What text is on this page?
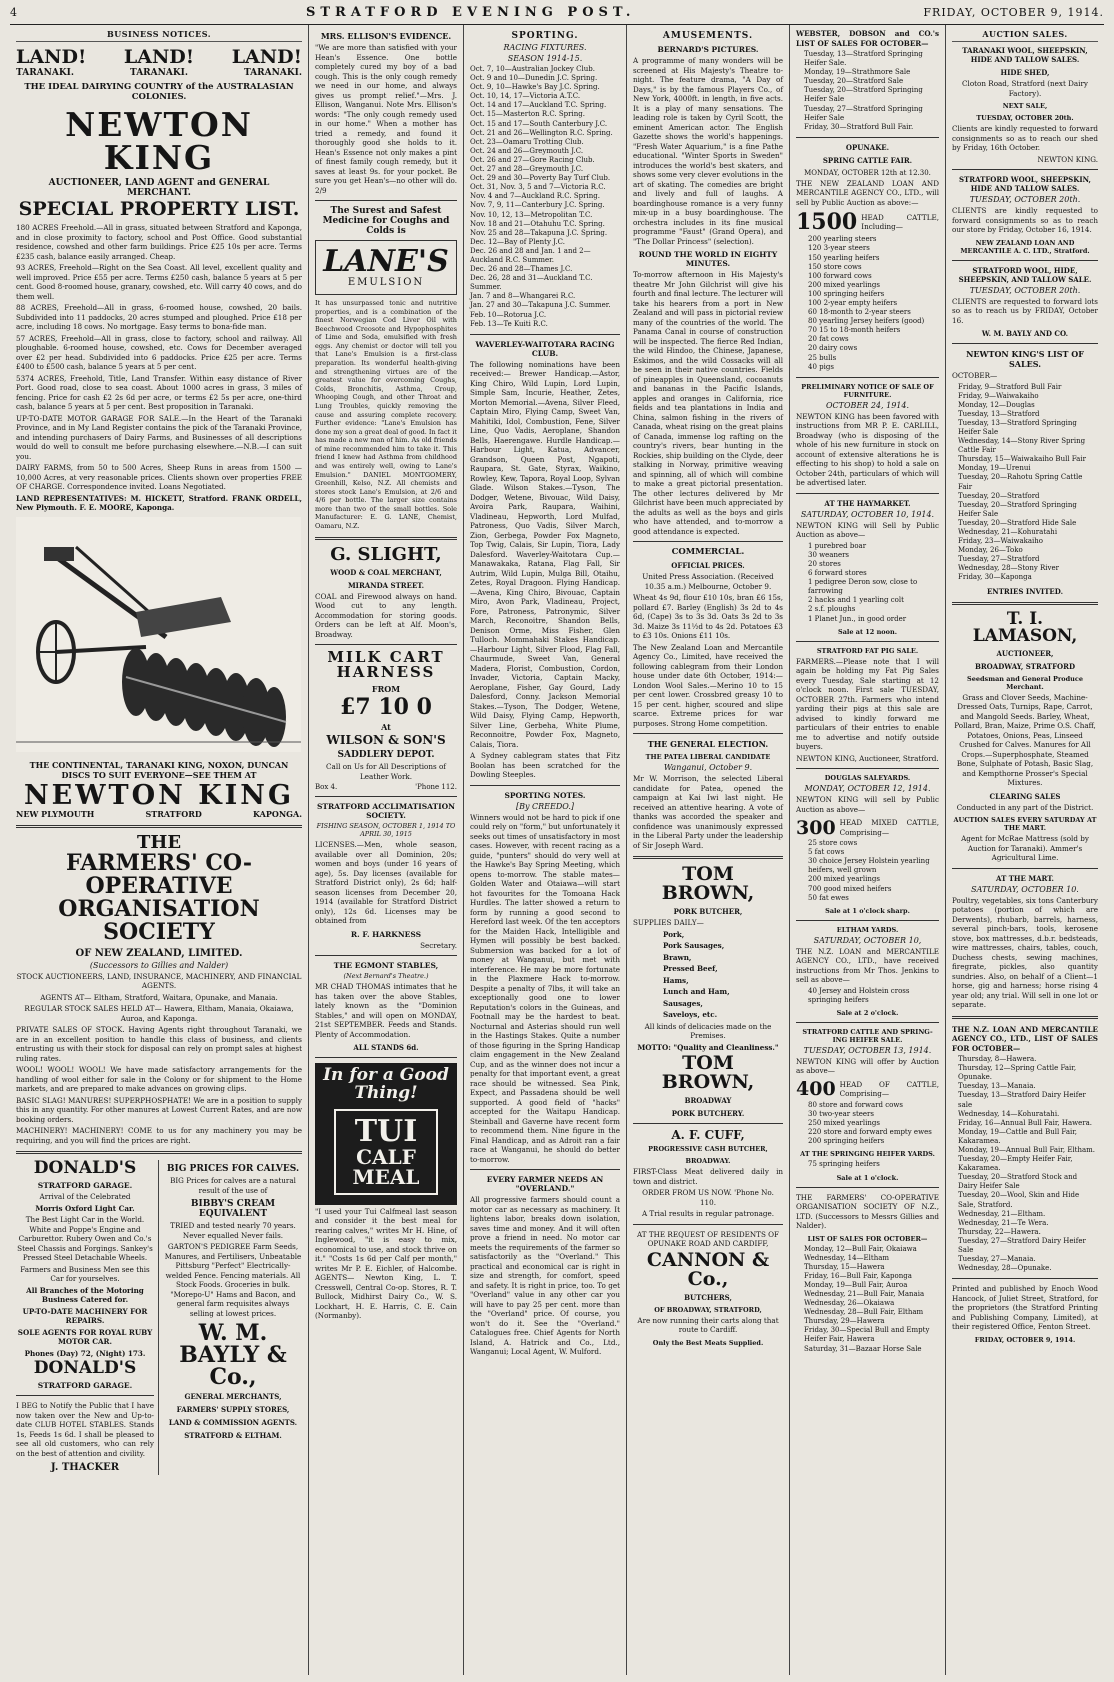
4	STRATFORD EVENING POST.	FRIDAY, OCTOBER 9, 1914.
BUSINESS NOTICES.
LAND! LAND! LAND!
TARANAKI.	TARANAKI.	TARANAKI.
THE IDEAL DAIRYING COUNTRY of the AUSTRALASIAN COLONIES.
NEWTON KING
AUCTIONEER, LAND AGENT and GENERAL MERCHANT.
SPECIAL PROPERTY LIST.

180 ACRES Freehold.—All in grass, situated between Stratford and Kaponga, and in close proximity to factory, school and Post Office. Good substantial residence, cowshed and other farm buildings. Price £25 10s per acre. Terms £235 cash, balance easily arranged. Cheap.

93 ACRES, Freehold—Right on the Sea Coast. All level, excellent quality and well improved. Price £55 per acre. Terms £250 cash, balance 5 years at 5 per cent. Good 8-roomed house, granary, cowshed, etc. Will carry 40 cows, and do them well.

88 ACRES, Freehold—All in grass, 6-roomed house, cowshed, 20 bails. Subdivided into 11 paddocks, 20 acres stumped and ploughed. Price £18 per acre, including 18 cows. No mortgage. Easy terms to bona-fide man.

57 ACRES, Freehold—All in grass, close to factory, school and railway. All ploughable. 6-roomed house, cowshed, etc. Cows for December averaged over £2 per head. Subdivided into 6 paddocks. Price £25 per acre. Terms £400 to £500 cash, balance 5 years at 5 per cent.

5374 ACRES, Freehold, Title, Land Transfer. Within easy distance of River Port. Good road, close to sea coast. About 1000 acres in grass, 3 miles of fencing. Price for cash £2 2s 6d per acre, or terms £2 5s per acre, one-third cash, balance 5 years at 5 per cent. Best proposition in Taranaki.

UP-TO-DATE MOTOR GARAGE FOR SALE.—In the Heart of the Taranaki Province, and in My Land Register contains the pick of the Taranaki Province, and intending purchasers of Dairy Farms, and Businesses of all descriptions would do well to consult me before purchasing elsewhere.—N.B.—I can suit you.

DAIRY FARMS, from 50 to 500 Acres, Sheep Runs in areas from 1500 —10,000 Acres, at very reasonable prices. Clients shown over properties FREE OF CHARGE. Correspondence invited. Loans Negotiated.

LAND REPRESENTATIVES: M. HICKETT, Stratford. FRANK ORDELL, New Plymouth. F. E. MOORE, Kaponga.

THE CONTINENTAL, TARANAKI KING, NOXON, DUNCAN DISCS TO SUIT EVERYONE—SEE THEM AT
NEWTON KING
NEW PLYMOUTH	STRATFORD	KAPONGA.
THE
FARMERS' CO-OPERATIVE ORGANISATION SOCIETY
OF NEW ZEALAND, LIMITED.
(Successors to Gillies and Nalder)

STOCK AUCTIONEERS, LAND, INSURANCE, MACHINERY, AND FINANCIAL AGENTS.

AGENTS AT— Eltham, Stratford, Waitara, Opunake, and Manaia.

REGULAR STOCK SALES HELD AT— Hawera, Eltham, Manaia, Okaiawa, Auroa, and Kaponga.

PRIVATE SALES OF STOCK. Having Agents right throughout Taranaki, we are in an excellent position to handle this class of business, and clients entrusting us with their stock for disposal can rely on prompt sales at highest ruling rates.

WOOL! WOOL! WOOL! We have made satisfactory arrangements for the handling of wool either for sale in the Colony or for shipment to the Home markets, and are prepared to make advances on growing clips.

BASIC SLAG! MANURES! SUPERPHOSPHATE! We are in a position to supply this in any quantity. For other manures at Lowest Current Rates, and are now booking orders.

MACHINERY! MACHINERY! COME to us for any machinery you may be requiring, and you will find the prices are right.

DONALD'S
STRATFORD GARAGE.

Arrival of the Celebrated

Morris Oxford Light Car.

The Best Light Car in the World. White and Poppe's Engine and Carburettor. Rubery Owen and Co.'s Steel Chassis and Forgings. Sankey's Pressed Steel Detachable Wheels.

Farmers and Business Men see this Car for yourselves.

All Branches of the Motoring Business Catered for.

UP-TO-DATE MACHINERY FOR REPAIRS.

SOLE AGENTS FOR ROYAL RUBY MOTOR CAR.

Phones (Day) 72, (Night) 173.

DONALD'S
STRATFORD GARAGE.

I BEG to Notify the Public that I have now taken over the New and Up-to-date CLUB HOTEL STABLES. Stands 1s, Feeds 1s 6d. I shall be pleased to see all old customers, who can rely on the best of attention and civility.

J. THACKER
BIG PRICES FOR CALVES.

BIG Prices for calves are a natural result of the use of

BIBBY'S CREAM EQUIVALENT

TRIED and tested nearly 70 years. Never equalled Never fails.

GARTON'S PEDIGREE Farm Seeds, Manures, and Fertilisers, Unbeatable Pittsburg "Perfect" Electrically-welded Fence. Fencing materials. All Stock Foods. Groceries in bulk. "Morepo-U" Hams and Bacon, and general farm requisites always selling at lowest prices.

W. M. BAYLY & Co.,
GENERAL MERCHANTS,
FARMERS' SUPPLY STORES,
LAND & COMMISSION AGENTS.
STRATFORD & ELTHAM.
MRS. ELLISON'S EVIDENCE.

"We are more than satisfied with your Hean's Essence. One bottle completely cured my boy of a bad cough. This is the only cough remedy we need in our home, and always gives us prompt relief."—Mrs. J. Ellison, Wanganui. Note Mrs. Ellison's words: "The only cough remedy used in our home." When a mother has tried a remedy, and found it thoroughly good she holds to it. Hean's Essence not only makes a pint of finest family cough remedy, but it saves at least 9s. for your pocket. Be sure you get Hean's—no other will do. 2/9

The Surest and Safest Medicine for Coughs and Colds is
LANE'S
EMULSION

It has unsurpassed tonic and nutritive properties, and is a combination of the finest Norwegian Cod Liver Oil with Beechwood Creosote and Hypophosphites of Lime and Soda, emulsified with fresh eggs. Any chemist or doctor will tell you that Lane's Emulsion is a first-class preparation. Its wonderful health-giving and strengthening virtues are of the greatest value for overcoming Coughs, Colds, Bronchitis, Asthma, Croup, Whooping Cough, and other Throat and Lung Troubles, quickly removing the cause and assuring complete recovery. Further evidence: "Lane's Emulsion has done my son a great deal of good. In fact it has made a new man of him. As old friends of mine recommended him to take it. This friend I knew had Asthma from childhood and was entirely well, owing to Lane's Emulsion." DANIEL MONTGOMERY, Greenhill, Kelso, N.Z. All chemists and stores stock Lane's Emulsion, at 2/6 and 4/6 per bottle. The larger size contains more than two of the small bottles. Sole Manufacturer: E. G. LANE, Chemist, Oamaru, N.Z.

G. SLIGHT,
WOOD & COAL MERCHANT,
MIRANDA STREET.

COAL and Firewood always on hand. Wood cut to any length. Accommodation for storing goods. Orders can be left at Alf. Moon's, Broadway.

MILK CART
HARNESS
FROM
£7 10 0
At
WILSON & SON'S
SADDLERY DEPOT.

Call on Us for All Descriptions of Leather Work.

Box 4.	'Phone 112.
STRATFORD ACCLIMATISATION SOCIETY.
FISHING SEASON, OCTOBER 1, 1914 TO APRIL 30, 1915

LICENSES.—Men, whole season, available over all Dominion, 20s; women and boys (under 16 years of age), 5s. Day licenses (available for Stratford District only), 2s 6d; half-season licenses from December 20, 1914 (available for Stratford District only), 12s 6d. Licenses may be obtained from

R. F. HARKNESS
Secretary.
THE EGMONT STABLES,
(Next Bernard's Theatre.)

MR CHAD THOMAS intimates that he has taken over the above Stables, lately known as the "Dominion Stables," and will open on MONDAY, 21st SEPTEMBER. Feeds and Stands. Plenty of Accommodation.

ALL STANDS 6d.
In for a Good Thing!
TUI
CALF
MEAL

"I used your Tui Calfmeal last season and consider it the best meal for rearing calves," writes Mr H. Hine, of Inglewood, "it is easy to mix, economical to use, and stock thrive on it." "Costs 1s 6d per Calf per month," writes Mr P. E. Eichler, of Halcombe. AGENTS— Newton King, L. T. Cresswell, Central Co-op. Stores, R. T. Bullock, Midhirst Dairy Co., W. S. Lockhart, H. E. Harris, C. E. Cain (Normanby).

SPORTING.
RACING FIXTURES.
SEASON 1914-15.
Oct. 7, 10—Australian Jockey Club.
Oct. 9 and 10—Dunedin J.C. Spring.
Oct. 9, 10—Hawke's Bay J.C. Spring.
Oct. 10, 14, 17—Victoria A.T.C.
Oct. 14 and 17—Auckland T.C. Spring.
Oct. 15—Masterton R.C. Spring.
Oct. 15 and 17—South Canterbury J.C.
Oct. 21 and 26—Wellington R.C. Spring.
Oct. 23—Oamaru Trotting Club.
Oct. 24 and 26—Greymouth J.C.
Oct. 26 and 27—Gore Racing Club.
Oct. 27 and 28—Greymouth J.C.
Oct. 29 and 30—Poverty Bay Turf Club.
Oct. 31, Nov. 3, 5 and 7—Victoria R.C.
Nov. 4 and 7—Auckland R.C. Spring.
Nov. 7, 9, 11—Canterbury J.C. Spring.
Nov. 10, 12, 13—Metropolitan T.C.
Nov. 18 and 21—Otahuhu T.C. Spring.
Nov. 25 and 28—Takapuna J.C. Spring.
Dec. 12—Bay of Plenty J.C.
Dec. 26 and 28 and Jan. 1 and 2—Auckland R.C. Summer.
Dec. 26 and 28—Thames J.C.
Dec. 26, 28 and 31—Auckland T.C. Summer.
Jan. 7 and 8—Whangarei R.C.
Jan. 27 and 30—Takapuna J.C. Summer.
Feb. 10—Rotorua J.C.
Feb. 13—Te Kuiti R.C.
WAVERLEY-WAITOTARA RACING CLUB.

The following nominations have been received:— Brewer Handicap.—Astor, King Chiro, Wild Lupin, Lord Lupin, Simple Sam, Incurie, Heather, Zetes, Morton Memorial.—Avena, Silver Fleed, Captain Miro, Flying Camp, Sweet Van, Mahitiki, Idol, Combustion, Fene, Silver Line, Quo Vadis, Aeroplane, Shandon Bells, Haerengawe. Hurdle Handicap.—Harbour Light, Katua, Advancer, Grandson, Queen Post, Ngapoti, Raupara, St. Gate, Styrax, Waikino, Rowley, Kew, Tapora, Royal Loop, Sylvan Glade. Wilson Stakes.—Tyson, The Dodger, Wetene, Bivouac, Wild Daisy, Avoira Park, Raupara, Waihini, Vladineau, Hepworth, Lord Mulfad, Patroness, Quo Vadis, Silver March, Zion, Gerbega, Powder Fox Magneto, Top Twig, Calais, Sir Lupin, Tiora, Lady Dalesford. Waverley-Waitotara Cup.—Manawakaka, Ratana, Flag Fall, Sir Autrim, Wild Lupin, Mulga Bill, Otaihu, Zetes, Royal Dragoon. Flying Handicap.—Avena, King Chiro, Bivouac, Captain Miro, Avon Park, Vladineau, Project, Fore, Patroness, Patronymic, Silver March, Reconoitre, Shandon Bells, Denison Orme, Miss Fisher, Glen Tulloch. Mommahaki Stakes Handicap.—Harbour Light, Silver Flood, Flag Fall, Chaurmude, Sweet Van, General Madera, Florist, Combustion, Cordon, Invader, Victoria, Captain Macky, Aeroplane, Fisher, Gay Gourd, Lady Dalesford, Conny. Jackson Memorial Stakes.—Tyson, The Dodger, Wetene, Wild Daisy, Flying Camp, Hepworth, Silver Line, Gerbeha, White Plume, Reconnoitre, Powder Fox, Magneto, Calais, Tiora.

A Sydney cablegram states that Fitz Boolan has been scratched for the Dowling Steeples.

SPORTING NOTES.
[By CREEDO.]

Winners would not be hard to pick if one could rely on "form," but unfortunately it seeks out times of unsatisfactory in most cases. However, with recent racing as a guide, "punters" should do very well at the Hawke's Bay Spring Meeting, which opens to-morrow. The stable mates—Golden Water and Otaiawa—will start hot favourites for the Tomoana Hack Hurdles. The latter showed a return to form by running a good second to Hereford last week. Of the ten acceptors for the Maiden Hack, Intelligible and Hymen will possibly be best backed. Submersion was backed for a lot of money at Wanganui, but met with interference. He may be more fortunate in the Plaxmere Hack to-morrow. Despite a penalty of 7lbs, it will take an exceptionally good one to lower Reputation's colors in the Guineas, and Footnall may be the hardest to beat. Nocturnal and Asterias should run well in the Hastings Stakes. Quite a number of those figuring in the Spring Handicap claim engagement in the New Zealand Cup, and as the winner does not incur a penalty for that important event, a great race should be witnessed. Sea Pink, Expect, and Passadena should be well supported. A good field of "hacks" accepted for the Waitapu Handicap. Steinball and Gaverne have recent form to recommend them. Nine figure in the Final Handicap, and as Adroit ran a fair race at Wanganui, he should do better to-morrow.

EVERY FARMER NEEDS AN "OVERLAND."

All progressive farmers should count a motor car as necessary as machinery. It lightens labor, breaks down isolation, saves time and money. And it will often prove a friend in need. No motor car meets the requirements of the farmer so satisfactorily as the "Overland." This practical and economical car is right in size and strength, for comfort, speed and safety. It is right in price, too. To get "Overland" value in any other car you will have to pay 25 per cent. more than the "Overland" price. Of course, you won't do it. See the "Overland." Catalogues free. Chief Agents for North Island, A. Hatrick and Co., Ltd., Wanganui; Local Agent, W. Mulford.

AMUSEMENTS.
BERNARD'S PICTURES.

A programme of many wonders will be screened at His Majesty's Theatre to-night. The feature drama, "A Day of Days," is by the famous Players Co., of New York, 4000ft. in length, in five acts. It is a play of many sensations. The leading role is taken by Cyril Scott, the eminent American actor. The English Gazette shows the world's happenings. "Fresh Water Aquarium," is a fine Pathe educational. "Winter Sports in Sweden" introduces the world's best skaters, and shows some very clever evolutions in the art of skating. The comedies are bright and lively and full of laughs. A boardinghouse romance is a very funny mix-up in a busy boardinghouse. The orchestra includes in its fine musical programme "Faust" (Grand Opera), and "The Dollar Princess" (selection).

ROUND THE WORLD IN EIGHTY MINUTES.

To-morrow afternoon in His Majesty's theatre Mr John Gilchrist will give his fourth and final lecture. The lecturer will take his hearers from a port in New Zealand and will pass in pictorial review many of the countries of the world. The Panama Canal in course of construction will be inspected. The fierce Red Indian, the wild Hindoo, the Chinese, Japanese, Eskimos, and the wild Cossacks will all be seen in their native countries. Fields of pineapples in Queensland, cocoanuts and bananas in the Pacific Islands, apples and oranges in California, rice fields and tea plantations in India and China, salmon fishing in the rivers of Canada, wheat rising on the great plains of Canada, immense log rafting on the country's rivers, bear hunting in the Rockies, ship building on the Clyde, deer stalking in Norway, primitive weaving and spinning, all of which will combine to make a great pictorial presentation. The other lectures delivered by Mr Gilchrist have been much appreciated by the adults as well as the boys and girls who have attended, and to-morrow a good attendance is expected.

COMMERCIAL.
OFFICIAL PRICES.

United Press Association. (Received 10.35 a.m.) Melbourne, October 9.

Wheat 4s 9d, flour £10 10s, bran £6 15s, pollard £7. Barley (English) 3s 2d to 4s 6d, (Cape) 3s to 3s 3d. Oats 3s 2d to 3s 3d. Maize 3s 11½d to 4s 2d. Potatoes £3 to £3 10s. Onions £11 10s.

The New Zealand Loan and Mercantile Agency Co., Limited, have received the following cablegram from their London house under date 6th October, 1914:—London Wool Sales.—Merino 10 to 15 per cent lower. Crossbred greasy 10 to 15 per cent. higher, scoured and slipe scarce. Extreme prices for war purposes. Strong Home competition.

THE GENERAL ELECTION.
THE PATEA LIBERAL CANDIDATE
Wanganui, October 9.

Mr W. Morrison, the selected Liberal candidate for Patea, opened the campaign at Kai Iwi last night. He received an attentive hearing. A vote of thanks was accorded the speaker and confidence was unanimously expressed in the Liberal Party under the leadership of Sir Joseph Ward.

TOM BROWN,
PORK BUTCHER,
SUPPLIES DAILY—
Pork,
Pork Sausages,
Brawn,
Pressed Beef,
Hams,
Lunch and Ham,
Sausages,
Saveloys, etc.

All kinds of delicacies made on the Premises.

MOTTO: "Quality and Cleanliness."

TOM BROWN,
BROADWAY
PORK BUTCHERY.
A. F. CUFF,
PROGRESSIVE CASH BUTCHER,
BROADWAY.

FIRST-Class Meat delivered daily in town and district.

ORDER FROM US NOW. 'Phone No. 110.

A Trial results in regular patronage.

AT THE REQUEST OF RESIDENTS OF OPUNAKE ROAD AND CARDIFF,

CANNON & Co.,
BUTCHERS,
OF BROADWAY, STRATFORD,

Are now running their carts along that route to Cardiff.

Only the Best Meats Supplied.

WEBSTER, DOBSON and CO.'s LIST OF SALES FOR OCTOBER—

Tuesday, 13—Stratford Springing Heifer Sale.
Monday, 19—Strathmore Sale
Tuesday, 20—Stratford Sale
Tuesday, 20—Stratford Springing Heifer Sale
Tuesday, 27—Stratford Springing Heifer Sale
Friday, 30—Stratford Bull Fair.
OPUNAKE.
SPRING CATTLE FAIR.
MONDAY, OCTOBER 12th at 12.30.

THE NEW ZEALAND LOAN AND MERCANTILE AGENCY CO., LTD., will sell by Public Auction as above:—

1500 HEAD CATTLE, Including—
200 yearling steers
120 3-year steers
150 yearling heifers
150 store cows
100 forward cows
200 mixed yearlings
100 springing heifers
100 2-year empty heifers
60 18-month to 2-year steers
80 yearling Jersey heifers (good)
70 15 to 18-month heifers
20 fat cows
20 dairy cows
25 bulls
40 pigs
PRELIMINARY NOTICE OF SALE OF FURNITURE.
OCTOBER 24, 1914.

NEWTON KING has been favored with instructions from MR P. E. CARLILL, Broadway (who is disposing of the whole of his new furniture in stock on account of extensive alterations he is effecting to his shop) to hold a sale on October 24th, particulars of which will be advertised later.

AT THE HAYMARKET.
SATURDAY, OCTOBER 10, 1914.

NEWTON KING will Sell by Public Auction as above—

1 purebred boar
30 weaners
20 stores
6 forward stores
1 pedigree Deron sow, close to farrowing
2 hacks and 1 yearling colt
2 s.f. ploughs
1 Planet Jun., in good order
Sale at 12 noon.
STRATFORD FAT PIG SALE.

FARMERS.—Please note that I will again be holding my Fat Pig Sales every Tuesday, Sale starting at 12 o'clock noon. First sale TUESDAY, OCTOBER 27th. Farmers who intend yarding their pigs at this sale are advised to kindly forward me particulars of their entries to enable me to advertise and notify outside buyers.

NEWTON KING, Auctioneer, Stratford.

DOUGLAS SALEYARDS.
MONDAY, OCTOBER 12, 1914.

NEWTON KING will sell by Public Auction as above—

300 HEAD MIXED CATTLE, Comprising—
25 store cows
5 fat cows
30 choice Jersey Holstein yearling heifers, well grown
200 mixed yearlings
700 good mixed heifers
50 fat ewes
Sale at 1 o'clock sharp.
ELTHAM YARDS.
SATURDAY, OCTOBER 10,

THE N.Z. LOAN and MERCANTILE AGENCY CO., LTD., have received instructions from Mr Thos. Jenkins to sell as above—

40 Jersey and Holstein cross springing heifers
Sale at 2 o'clock.
STRATFORD CATTLE AND SPRING-ING HEIFER SALE.
TUESDAY, OCTOBER 13, 1914.

NEWTON KING will offer by Auction as above—

400 HEAD OF CATTLE, Comprising—
80 store and forward cows
30 two-year steers
250 mixed yearlings
220 store and forward empty ewes
200 springing heifers
AT THE SPRINGING HEIFER YARDS.
75 springing heifers
Sale at 1 o'clock.

THE FARMERS' CO-OPERATIVE ORGANISATION SOCIETY OF N.Z., LTD. (Successors to Messrs Gillies and Nalder).

LIST OF SALES FOR OCTOBER—
Monday, 12—Bull Fair, Okaiawa
Wednesday, 14—Eltham
Thursday, 15—Hawera
Friday, 16—Bull Fair, Kaponga
Monday, 19—Bull Fair, Auroa
Wednesday, 21—Bull Fair, Manaia
Wednesday, 26—Okaiawa
Wednesday, 28—Bull Fair, Eltham
Thursday, 29—Hawera
Friday, 30—Special Bull and Empty Heifer Fair, Hawera
Saturday, 31—Bazaar Horse Sale
AUCTION SALES.
TARANAKI WOOL, SHEEPSKIN, HIDE AND TALLOW SALES.
HIDE SHED,

Cloton Road, Stratford (next Dairy Factory).

NEXT SALE,
TUESDAY, OCTOBER 20th.

Clients are kindly requested to forward consignments so as to reach our shed by Friday, 16th October.

NEWTON KING.
STRATFORD WOOL, SHEEPSKIN, HIDE AND TALLOW SALES.
TUESDAY, OCTOBER 20th.

CLIENTS are kindly requested to forward consignments so as to reach our store by Friday, October 16, 1914.

NEW ZEALAND LOAN AND MERCANTILE A. C. LTD., Stratford.
STRATFORD WOOL, HIDE, SHEEPSKIN, AND TALLOW SALE.
TUESDAY, OCTOBER 20th.

CLIENTS are requested to forward lots so as to reach us by FRIDAY, October 16.

W. M. BAYLY AND CO.
NEWTON KING'S LIST OF SALES.
OCTOBER—
Friday, 9—Stratford Bull Fair
Friday, 9—Waiwakaiho
Monday, 12—Douglas
Tuesday, 13—Stratford
Tuesday, 13—Stratford Springing Heifer Sale
Wednesday, 14—Stony River Spring Cattle Fair
Thursday, 15—Waiwakaiho Bull Fair
Monday, 19—Urenui
Tuesday, 20—Rahotu Spring Cattle Fair
Tuesday, 20—Stratford
Tuesday, 20—Stratford Springing Heifer Sale
Tuesday, 20—Stratford Hide Sale
Wednesday, 21—Kohuratahi
Friday, 23—Waiwakaiho
Monday, 26—Toko
Tuesday, 27—Stratford
Wednesday, 28—Stony River
Friday, 30—Kaponga
ENTRIES INVITED.
T. I. LAMASON,
AUCTIONEER,
BROADWAY, STRATFORD
Seedsman and General Produce Merchant.

Grass and Clover Seeds, Machine-Dressed Oats, Turnips, Rape, Carrot, and Mangold Seeds. Barley, Wheat, Pollard, Bran, Maize, Prime O.S. Chaff, Potatoes, Onions, Peas, Linseed Crushed for Calves. Manures for All Crops.—Superphosphate, Steamed Bone, Sulphate of Potash, Basic Slag, and Kempthorne Prosser's Special Mixtures.

CLEARING SALES

Conducted in any part of the District.

AUCTION SALES EVERY SATURDAY AT THE MART.

Agent for McRae Mattress (sold by Auction for Taranaki). Ammer's Agricultural Lime.

AT THE MART.
SATURDAY, OCTOBER 10.

Poultry, vegetables, six tons Canterbury potatoes (portion of which are Derwents), rhubarb, barrels, harness, several pinch-bars, tools, kerosene stove, box mattresses, d.b.r. bedsteads, wire mattresses, chairs, tables, couch, Duchess chests, sewing machines, firegrate, pickles, also quantity sundries. Also, on behalf of a Client—1 horse, gig and harness; horse rising 4 year old; any trial. Will sell in one lot or separate.

THE N.Z. LOAN AND MERCANTILE AGENCY CO., LTD., LIST OF SALES FOR OCTOBER—

Thursday, 8—Hawera.
Thursday, 12—Spring Cattle Fair, Opunake.
Tuesday, 13—Manaia.
Tuesday, 13—Stratford Dairy Heifer sale
Wednesday, 14—Kohuratahi.
Friday, 16—Annual Bull Fair, Hawera.
Monday, 19—Cattle and Bull Fair, Kakaramea.
Monday, 19—Annual Bull Fair, Eltham.
Tuesday, 20—Empty Heifer Fair, Kakaramea.
Tuesday, 20—Stratford Stock and Dairy Heifer Sale
Tuesday, 20—Wool, Skin and Hide Sale, Stratford.
Wednesday, 21—Eltham.
Wednesday, 21—Te Wera.
Thursday, 22—Hawera.
Tuesday, 27—Stratford Dairy Heifer Sale
Tuesday, 27—Manaia.
Wednesday, 28—Opunake.

Printed and published by Enoch Wood Hancock, of Juliet Street, Stratford, for the proprietors (the Stratford Printing and Publishing Company, Limited), at their registered Office, Fenton Street.

FRIDAY, OCTOBER 9, 1914.
